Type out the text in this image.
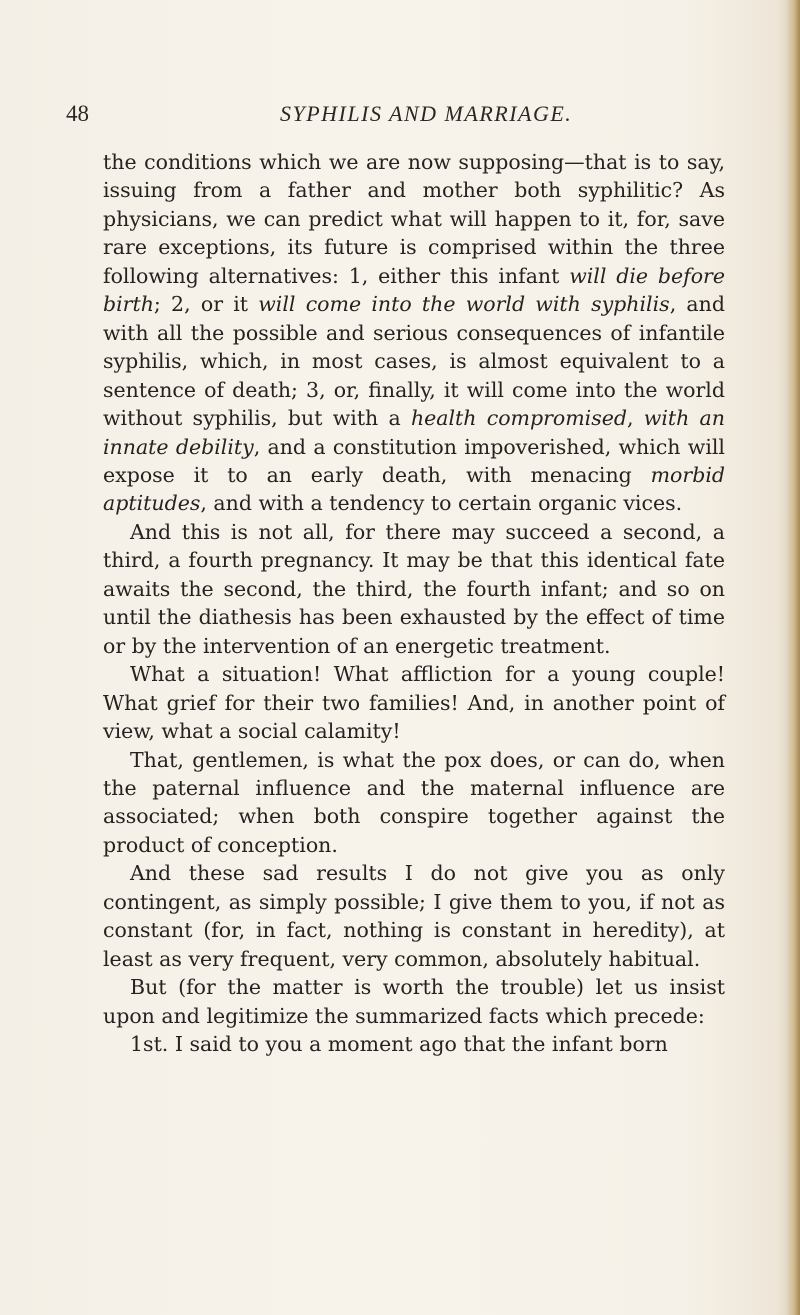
48	SYPHILIS AND MARRIAGE.

the conditions which we are now supposing—that is to say, issuing from a father and mother both syphilitic? As physicians, we can predict what will happen to it, for, save rare exceptions, its future is comprised within the three following alternatives: 1, either this infant will die before birth; 2, or it will come into the world with syphilis, and with all the possible and serious consequences of infantile syphilis, which, in most cases, is almost equivalent to a sentence of death; 3, or, finally, it will come into the world without syphilis, but with a health compromised, with an innate debility, and a constitution impoverished, which will expose it to an early death, with menacing morbid aptitudes, and with a tendency to certain organic vices.

And this is not all, for there may succeed a second, a third, a fourth pregnancy. It may be that this identical fate awaits the second, the third, the fourth infant; and so on until the diathesis has been exhausted by the effect of time or by the intervention of an energetic treatment.

What a situation! What affliction for a young couple! What grief for their two families! And, in another point of view, what a social calamity!

That, gentlemen, is what the pox does, or can do, when the paternal influence and the maternal influence are associated; when both conspire together against the product of conception.

And these sad results I do not give you as only contingent, as simply possible; I give them to you, if not as constant (for, in fact, nothing is constant in heredity), at least as very frequent, very common, absolutely habitual.

But (for the matter is worth the trouble) let us insist upon and legitimize the summarized facts which precede:

1st. I said to you a moment ago that the infant born
